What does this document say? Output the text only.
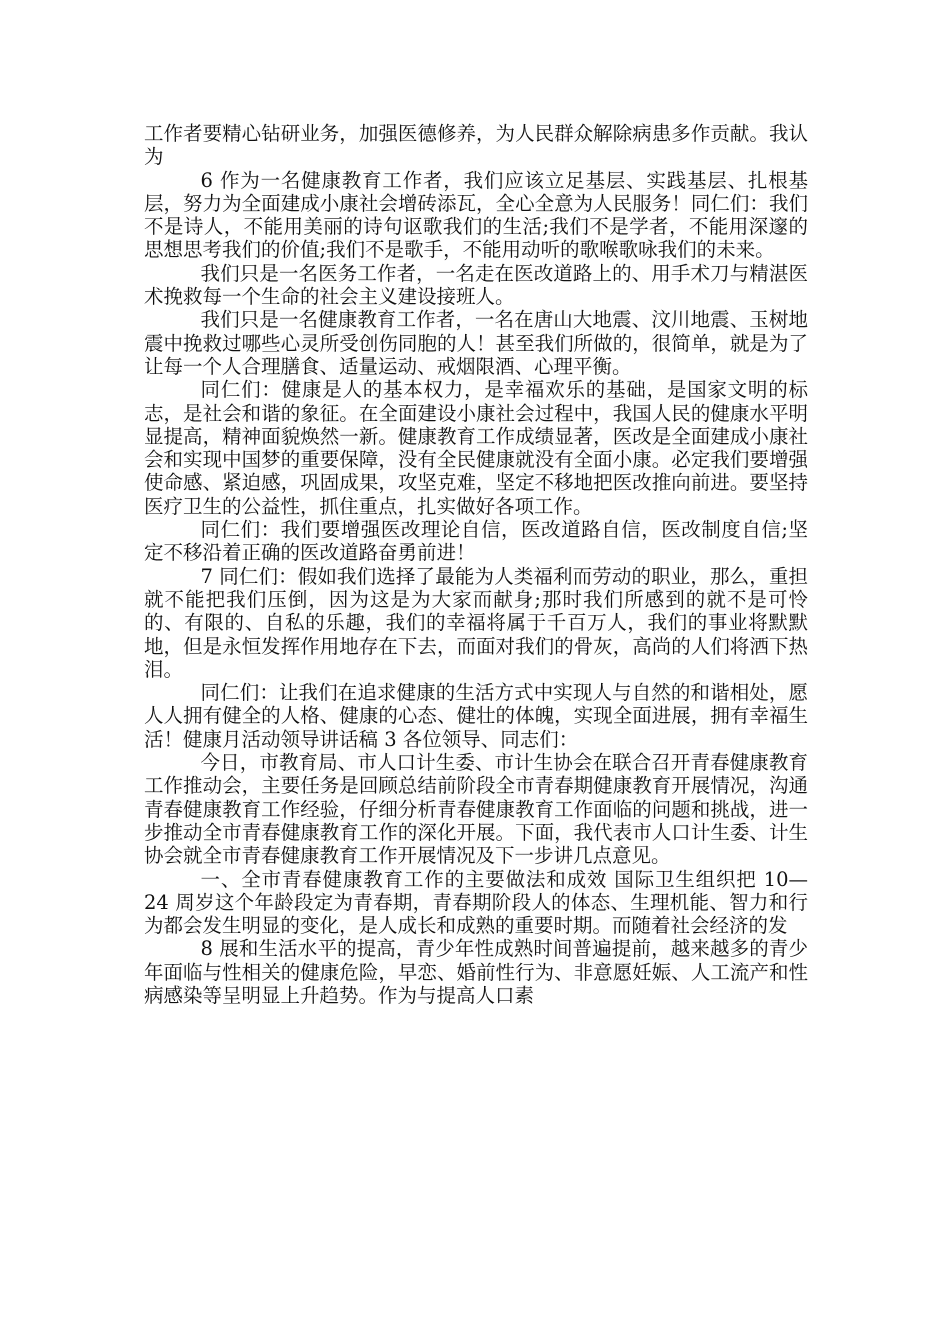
工作者要精心钻研业务，加强医德修养，为人民群众解除病患多作贡献。我认为

6 作为一名健康教育工作者，我们应该立足基层、实践基层、扎根基层，努力为全面建成小康社会增砖添瓦，全心全意为人民服务！同仁们：我们不是诗人，不能用美丽的诗句讴歌我们的生活;我们不是学者，不能用深邃的思想思考我们的价值;我们不是歌手，不能用动听的歌喉歌咏我们的未来。

我们只是一名医务工作者，一名走在医改道路上的、用手术刀与精湛医术挽救每一个生命的社会主义建设接班人。

我们只是一名健康教育工作者，一名在唐山大地震、汶川地震、玉树地震中挽救过哪些心灵所受创伤同胞的人！甚至我们所做的，很简单，就是为了让每一个人合理膳食、适量运动、戒烟限酒、心理平衡。

同仁们：健康是人的基本权力，是幸福欢乐的基础，是国家文明的标志，是社会和谐的象征。在全面建设小康社会过程中，我国人民的健康水平明显提高，精神面貌焕然一新。健康教育工作成绩显著，医改是全面建成小康社会和实现中国梦的重要保障，没有全民健康就没有全面小康。必定我们要增强使命感、紧迫感，巩固成果，攻坚克难，坚定不移地把医改推向前进。要坚持医疗卫生的公益性，抓住重点，扎实做好各项工作。

同仁们：我们要增强医改理论自信，医改道路自信，医改制度自信;坚定不移沿着正确的医改道路奋勇前进！

7 同仁们：假如我们选择了最能为人类福利而劳动的职业，那么，重担就不能把我们压倒，因为这是为大家而献身;那时我们所感到的就不是可怜的、有限的、自私的乐趣，我们的幸福将属于千百万人，我们的事业将默默地，但是永恒发挥作用地存在下去，而面对我们的骨灰，高尚的人们将洒下热泪。

同仁们：让我们在追求健康的生活方式中实现人与自然的和谐相处，愿人人拥有健全的人格、健康的心态、健壮的体魄，实现全面进展，拥有幸福生活！健康月活动领导讲话稿 3 各位领导、同志们：

今日，市教育局、市人口计生委、市计生协会在联合召开青春健康教育工作推动会，主要任务是回顾总结前阶段全市青春期健康教育开展情况，沟通青春健康教育工作经验，仔细分析青春健康教育工作面临的问题和挑战，进一步推动全市青春健康教育工作的深化开展。下面，我代表市人口计生委、计生协会就全市青春健康教育工作开展情况及下一步讲几点意见。

一、全市青春健康教育工作的主要做法和成效 国际卫生组织把 10—24 周岁这个年龄段定为青春期，青春期阶段人的体态、生理机能、智力和行为都会发生明显的变化，是人成长和成熟的重要时期。而随着社会经济的发

8 展和生活水平的提高，青少年性成熟时间普遍提前，越来越多的青少年面临与性相关的健康危险，早恋、婚前性行为、非意愿妊娠、人工流产和性病感染等呈明显上升趋势。作为与提高人口素
